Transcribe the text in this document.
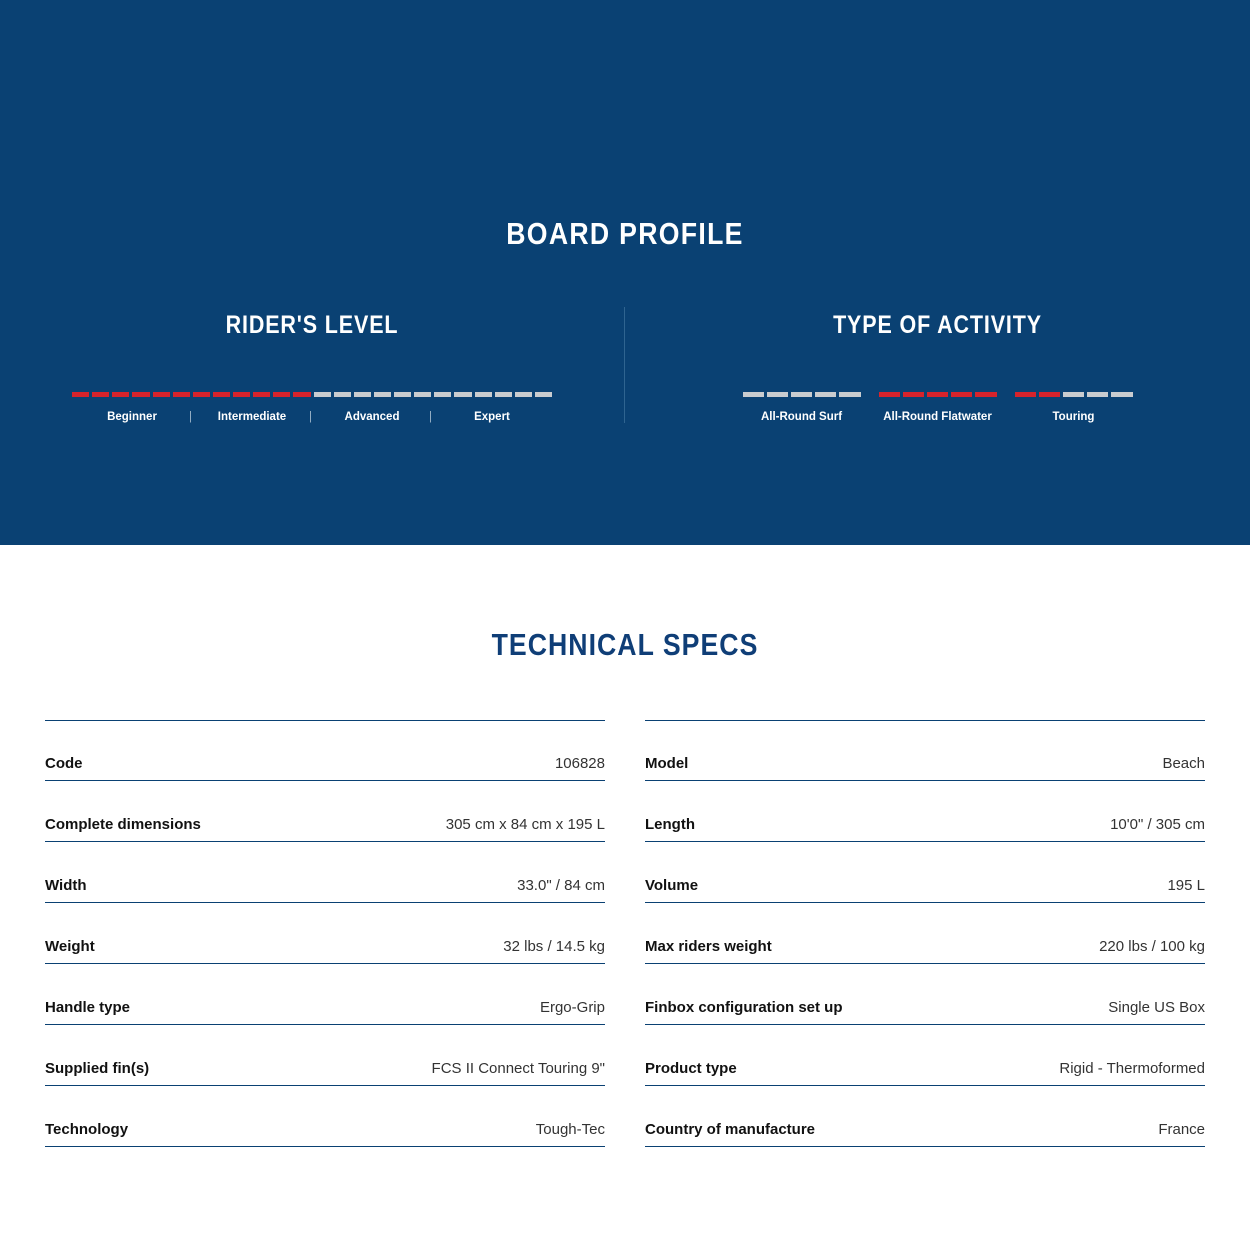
BOARD PROFILE
RIDER'S LEVEL
Beginner	| Intermediate	| Advanced	| Expert
TYPE OF ACTIVITY
All-Round Surf	All-Round Flatwater	Touring
TECHNICAL SPECS
Code	106828
Complete dimensions	305 cm x 84 cm x 195 L
Width	33.0" / 84 cm
Weight	32 lbs / 14.5 kg
Handle type	Ergo-Grip
Supplied fin(s)	FCS II Connect Touring 9"
Technology	Tough-Tec
Model	Beach
Length	10'0" / 305 cm
Volume	195 L
Max riders weight	220 lbs / 100 kg
Finbox configuration set up	Single US Box
Product type	Rigid - Thermoformed
Country of manufacture	France
